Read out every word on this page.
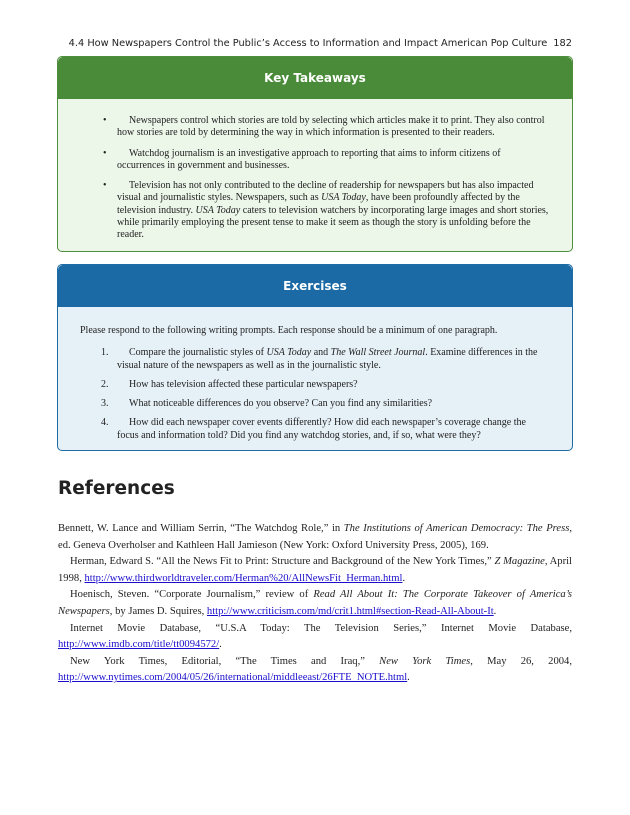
4.4 How Newspapers Control the Public’s Access to Information and Impact American Pop Culture 182
Key Takeaways
• Newspapers control which stories are told by selecting which articles make it to print. They also control how stories are told by determining the way in which information is presented to their readers.
• Watchdog journalism is an investigative approach to reporting that aims to inform citizens of occurrences in government and businesses.
• Television has not only contributed to the decline of readership for newspapers but has also impacted visual and journalistic styles. Newspapers, such as USA Today, have been profoundly affected by the television industry. USA Today caters to television watchers by incorporating large images and short stories, while primarily employing the present tense to make it seem as though the story is unfolding before the reader.
Exercises
Please respond to the following writing prompts. Each response should be a minimum of one paragraph.
1. Compare the journalistic styles of USA Today and The Wall Street Journal. Examine differences in the visual nature of the newspapers as well as in the journalistic style.
2. How has television affected these particular newspapers?
3. What noticeable differences do you observe? Can you find any similarities?
4. How did each newspaper cover events differently? How did each newspaper’s coverage change the focus and information told? Did you find any watchdog stories, and, if so, what were they?
References

Bennett, W. Lance and William Serrin, “The Watchdog Role,” in The Institutions of American Democracy: The Press, ed. Geneva Overholser and Kathleen Hall Jamieson (New York: Oxford University Press, 2005), 169.

Herman, Edward S. “All the News Fit to Print: Structure and Background of the New York Times,” Z Magazine, April 1998, http://www.thirdworldtraveler.com/Herman%20/AllNewsFit_Herman.html.

Hoenisch, Steven. “Corporate Journalism,” review of Read All About It: The Corporate Takeover of America’s Newspapers, by James D. Squires, http://www.criticism.com/md/crit1.html#section-Read-All-About-It.

Internet Movie Database, “U.S.A Today: The Television Series,” Internet Movie Database, http://www.imdb.com/title/tt0094572/.

New York Times, Editorial, “The Times and Iraq,” New York Times, May 26, 2004, http://www.nytimes.com/2004/05/26/international/middleeast/26FTE_NOTE.html.
